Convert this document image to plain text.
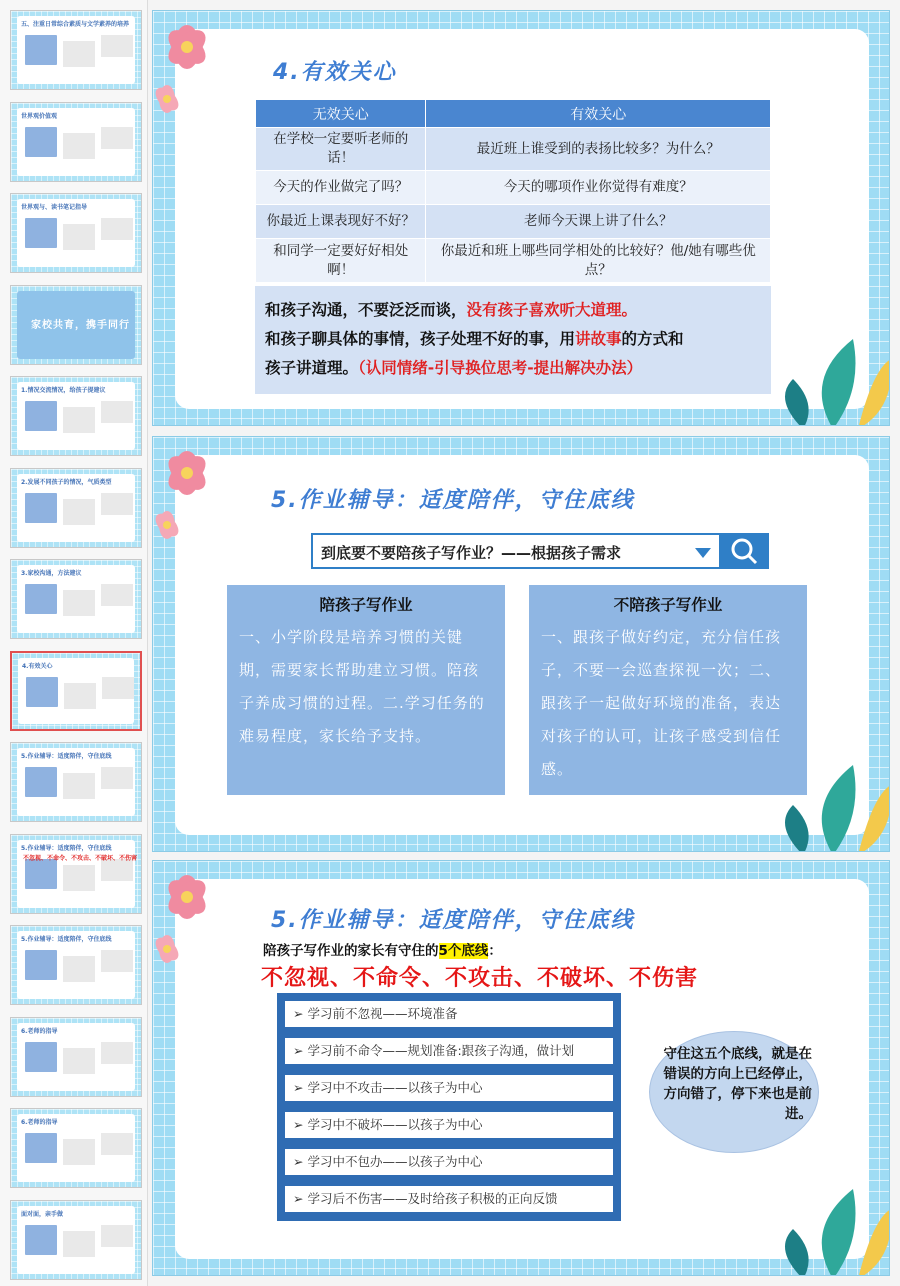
五、注重日常综合素质与文学素养的培养
世界观价值观
世界观与、读书笔记指导
家校共育，携手同行
1.情况交流情况，给孩子提建议
2.发展不同孩子的情况，气质类型
3.家校沟通，方法建议
4.有效关心
5.作业辅导：适度陪伴，守住底线
5.作业辅导：适度陪伴，守住底线
不忽视、不命令、不攻击、不破坏、不伤害
5.作业辅导：适度陪伴，守住底线
6.老师的指导
6.老师的指导
面对面，亲手做
4.有效关心
无效关心	有效关心
在学校一定要听老师的话！	最近班上谁受到的表扬比较多？为什么？
今天的作业做完了吗？	今天的哪项作业你觉得有难度？
你最近上课表现好不好？	老师今天课上讲了什么？
和同学一定要好好相处啊！	你最近和班上哪些同学相处的比较好？他/她有哪些优点？
和孩子沟通，不要泛泛而谈，没有孩子喜欢听大道理。
和孩子聊具体的事情，孩子处理不好的事，用讲故事的方式和
孩子讲道理。（认同情绪-引导换位思考-提出解决办法）
5.作业辅导：适度陪伴，守住底线
到底要不要陪孩子写作业？——根据孩子需求
陪孩子写作业
一、小学阶段是培养习惯的关键期，需要家长帮助建立习惯。陪孩子养成习惯的过程。二.学习任务的难易程度，家长给予支持。
不陪孩子写作业
一、跟孩子做好约定，充分信任孩子，不要一会巡查探视一次；二、跟孩子一起做好环境的准备，表达对孩子的认可，让孩子感受到信任感。
5.作业辅导：适度陪伴，守住底线
陪孩子写作业的家长有守住的5个底线：
不忽视、不命令、不攻击、不破坏、不伤害
➢ 学习前不忽视——环境准备
➢ 学习前不命令——规划准备:跟孩子沟通，做计划
➢ 学习中不攻击——以孩子为中心
➢ 学习中不破坏——以孩子为中心
➢ 学习中不包办——以孩子为中心
➢ 学习后不伤害——及时给孩子积极的正向反馈
守住这五个底线，就是在错误的方向上已经停止，方向错了，停下来也是前进。
